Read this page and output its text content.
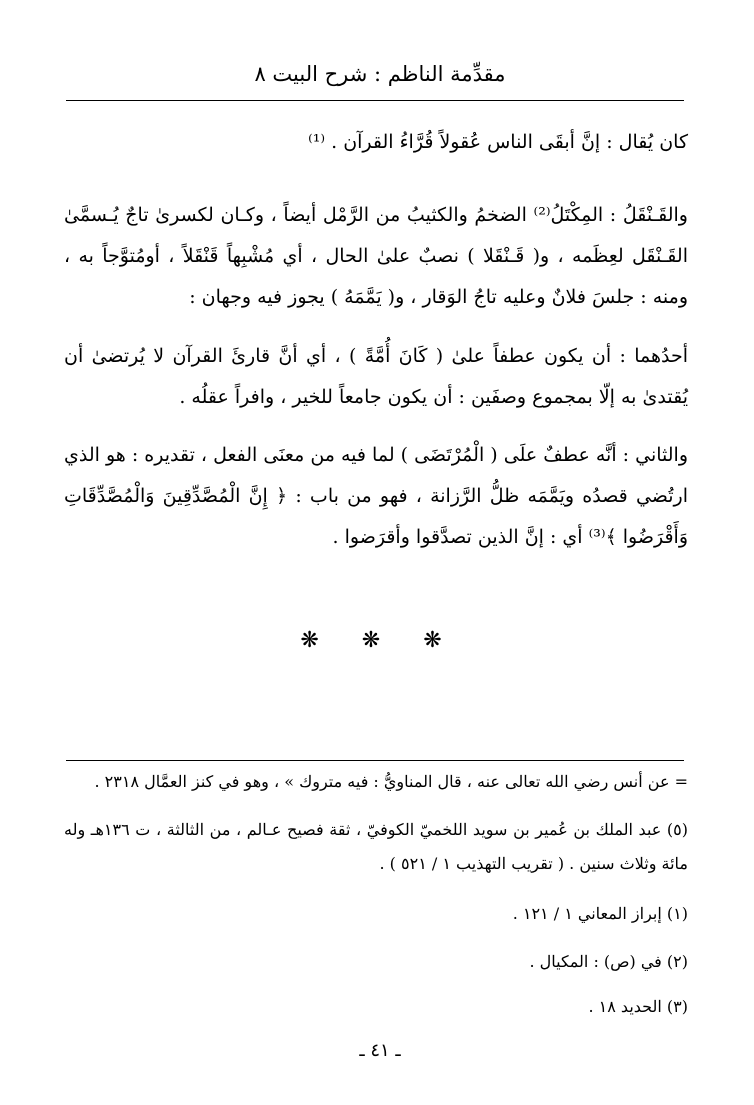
مقدِّمة الناظم : شرح البيت ٨
كان يُقال : إنَّ أبقَى الناس عُقولاً قُرَّاءُ القرآن . ⁽¹⁾
والقَـنْقَلُ : المِكْتَلُ⁽²⁾ الضخمُ والكثيبُ من الرَّمْل أيضاً ، وكـان لكسرىٰ تاجٌ يُـسمَّىٰ القَـنْقَل لعِظَمه ، و( قَـنْقَلا ) نصبٌ علىٰ الحال ، أي مُشْبِهاً قَنْقَلاً ، أومُتوَّجاً به ، ومنه : جلسَ فلانٌ وعليه تاجُ الوَقار ، و( يَمَّمَهُ ) يجوز فيه وجهان :
أحدُهما : أن يكون عطفاً علىٰ ( كَانَ أُمَّةً ) ، أي أنَّ قارئَ القرآن لا يُرتضىٰ أن يُقتدىٰ به إلّا بمجموع وصفَين : أن يكون جامعاً للخير ، وافراً عقلُه .
والثاني : أنَّه عطفٌ علَى ( الْمُرْتَضَى ) لما فيه من معنَى الفعل ، تقديره : هو الذي ارتُضي قصدُه ويَمَّمَه ظلُّ الرَّزانة ، فهو من باب : ﴿ إِنَّ الْمُصَّدِّقِينَ وَالْمُصَّدِّقَاتِ وَأَقْرَضُوا ﴾⁽³⁾ أي : إنَّ الذين تصدَّقوا وأقرَضوا .
❋ ❋ ❋
= عن أنس رضي الله تعالى عنه ، قال المناويُّ : فيه متروك » ، وهو في كنز العمَّال ٢٣١٨ .
(٥) عبد الملك بن عُمير بن سويد اللخميّ الكوفيّ ، ثقة فصيح عـالم ، من الثالثة ، ت ١٣٦هـ وله مائة وثلاث سنين . ( تقريب التهذيب ١ / ٥٢١ ) .
(١) إبراز المعاني ١ / ١٢١ .
(٢) في (ص) : المكيال .
(٣) الحديد ١٨ .
ـ ٤١ ـ
